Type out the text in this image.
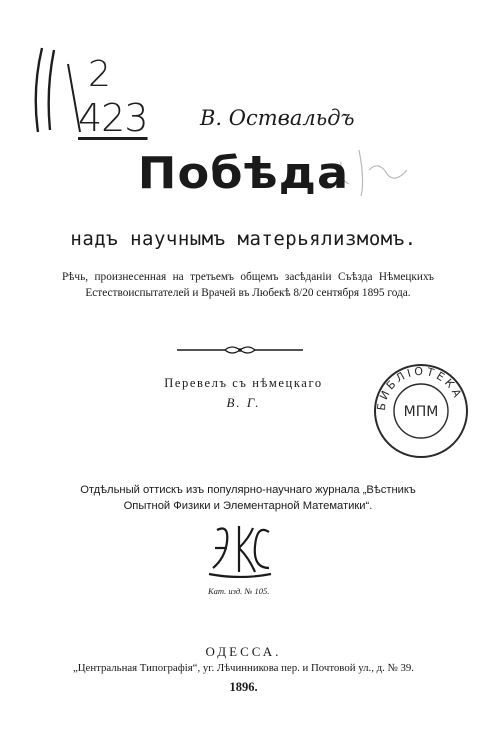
2
423 В. Оствальдъ
Побѣда
надъ научнымъ матерьялизмомъ.

Рѣчь, произнесенная на третьемъ общемъ засѣданіи Съѣзда Нѣмецкихъ Естествоиспытателей и Врачей въ Любекѣ 8/20 сентября 1895 года.

Перевелъ съ нѣмецкаго
В. Г.	БИБЛІОТЕКА
МПМ

Отдѣльный оттискъ изъ популярно-научнаго журнала „Вѣстникъ Опытной Физики и Элементарной Математики“.

Кат. изд. № 105.
ОДЕССА.
„Центральная Типографія“, уг. Лѣчинникова пер. и Почтовой ул., д. № 39.
1896.
